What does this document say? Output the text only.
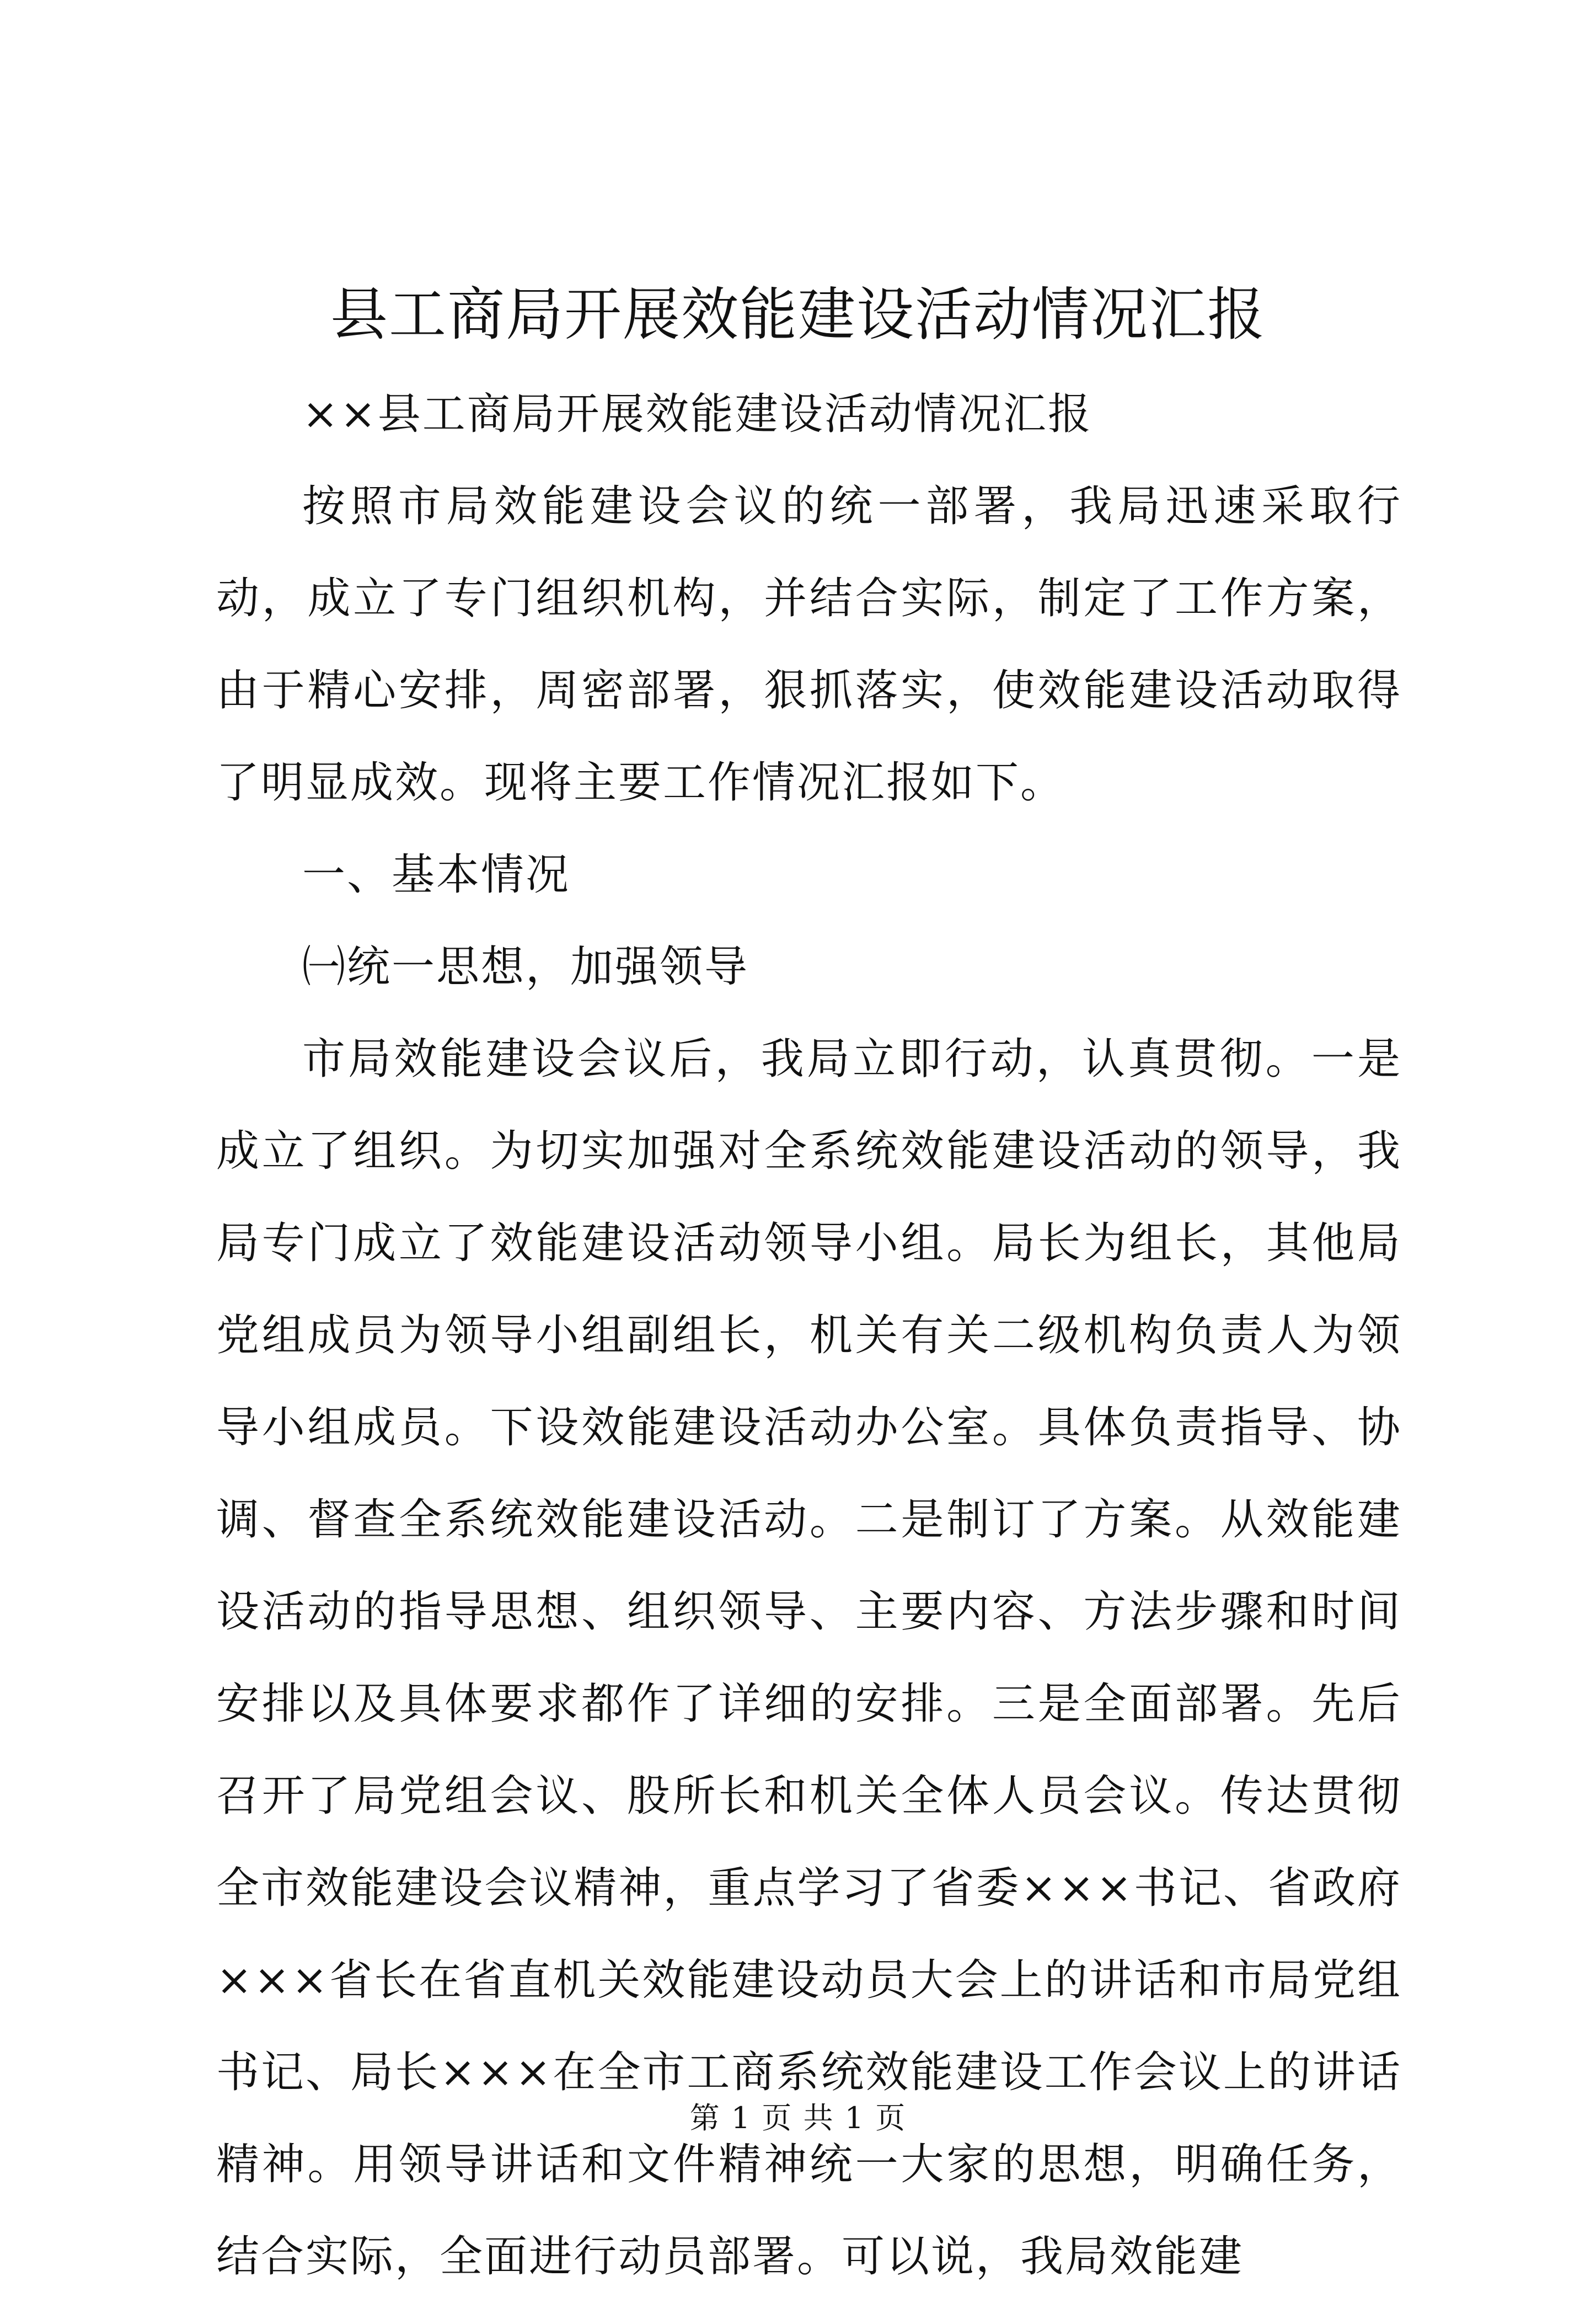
县工商局开展效能建设活动情况汇报

××县工商局开展效能建设活动情况汇报

按照市局效能建设会议的统一部署，我局迅速采取行动，成立了专门组织机构，并结合实际，制定了工作方案，由于精心安排，周密部署，狠抓落实，使效能建设活动取得了明显成效。现将主要工作情况汇报如下。

一、基本情况

㈠统一思想，加强领导

市局效能建设会议后，我局立即行动，认真贯彻。一是成立了组织。为切实加强对全系统效能建设活动的领导，我局专门成立了效能建设活动领导小组。局长为组长，其他局党组成员为领导小组副组长，机关有关二级机构负责人为领导小组成员。下设效能建设活动办公室。具体负责指导、协调、督查全系统效能建设活动。二是制订了方案。从效能建设活动的指导思想、组织领导、主要内容、方法步骤和时间安排以及具体要求都作了详细的安排。三是全面部署。先后召开了局党组会议、股所长和机关全体人员会议。传达贯彻全市效能建设会议精神，重点学习了省委×××书记、省政府×××省长在省直机关效能建设动员大会上的讲话和市局党组书记、局长×××在全市工商系统效能建设工作会议上的讲话精神。用领导讲话和文件精神统一大家的思想，明确任务，结合实际，全面进行动员部署。可以说，我局效能建

第 1 页 共 1 页
